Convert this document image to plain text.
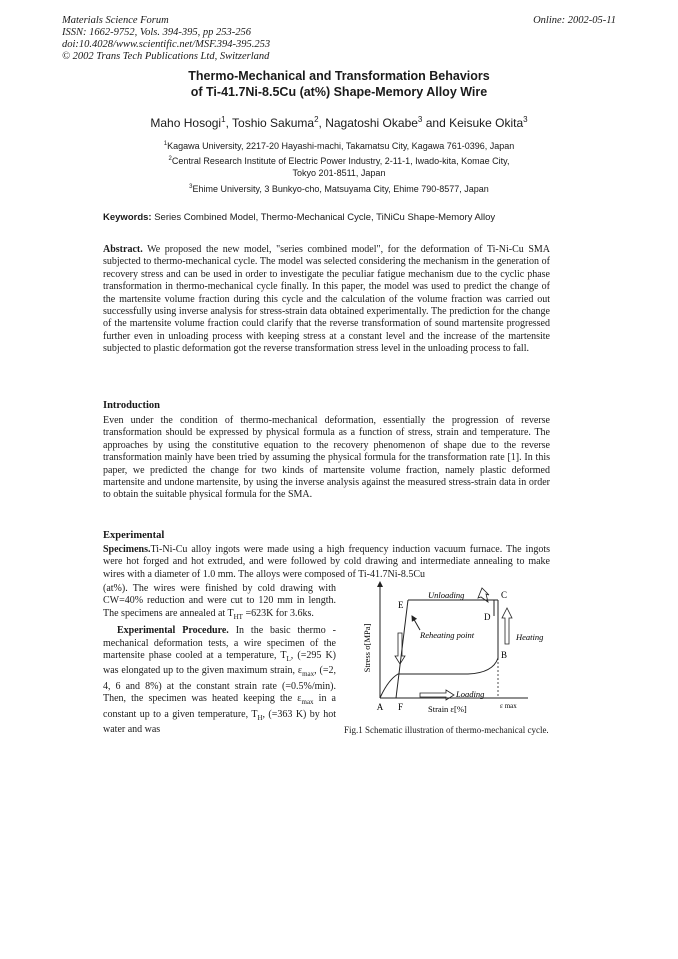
Materials Science Forum
ISSN: 1662-9752, Vols. 394-395, pp 253-256
doi:10.4028/www.scientific.net/MSF.394-395.253
© 2002 Trans Tech Publications Ltd, Switzerland
Online: 2002-05-11
Thermo-Mechanical and Transformation Behaviors
of Ti-41.7Ni-8.5Cu (at%) Shape-Memory Alloy Wire
Maho Hosogi$^1$, Toshio Sakuma$^2$, Nagatoshi Okabe$^3$ and Keisuke Okita$^3$
$^1$Kagawa University, 2217-20 Hayashi-machi, Takamatsu City, Kagawa 761-0396, Japan
$^2$Central Research Institute of Electric Power Industry, 2-11-1, Iwado-kita, Komae City,
Tokyo 201-8511, Japan
$^3$Ehime University, 3 Bunkyo-cho, Matsuyama City, Ehime 790-8577, Japan
Keywords: Series Combined Model, Thermo-Mechanical Cycle, TiNiCu Shape-Memory Alloy
Abstract. We proposed the new model, "series combined model", for the deformation of Ti-Ni-Cu SMA subjected to thermo-mechanical cycle. The model was selected considering the mechanism in the generation of recovery stress and can be used in order to investigate the peculiar fatigue mechanism due to the cyclic phase transformation in thermo-mechanical cycle finally. In this paper, the model was used to predict the change of the martensite volume fraction during this cycle and the calculation of the volume fraction was carried out successfully using inverse analysis for stress-strain data obtained experimentally. The prediction for the change of the martensite volume fraction could clarify that the reverse transformation of sound martensite progressed further even in unloading process with keeping stress at a constant level and the increase of the martensite subjected to plastic deformation got the reverse transformation stress level in the unloading process to fall.
Introduction
Even under the condition of thermo-mechanical deformation, essentially the progression of reverse transformation should be expressed by physical formula as a function of stress, strain and temperature. The approaches by using the constitutive equation to the recovery phenomenon of shape due to the reverse transformation mainly have been tried by assuming the physical formula for the transformation rate [1]. In this paper, we predicted the change for two kinds of martensite volume fraction, namely plastic deformed martensite and undone martensite, by using the inverse analysis against the measured stress-strain data in order to obtain the suitable physical formula for the SMA.
Experimental
Specimens.Ti-Ni-Cu alloy ingots were made using a high frequency induction vacuum furnace. The ingots were hot forged and hot extruded, and were followed by cold drawing and intermediate annealing to make wires with a diameter of 1.0 mm. The alloys were composed of Ti-41.7Ni-8.5Cu
(at%). The wires were finished by cold drawing with CW=40% reduction and were cut to 120 mm in length. The specimens are annealed at $T_{HT} =623K$ for 3.6ks.
Experimental Procedure. In the basic thermo -mechanical deformation tests, a wire specimen of the martensite phase cooled at a temperature, $T_L$, (=295 K) was elongated up to the given maximum strain, $\varepsilon_{max}$, (=2, 4, 6 and 8%) at the constant strain rate (=0.5%/min). Then, the specimen was heated keeping the $\varepsilon_{max}$ in a constant up to a given temperature, $T_H$, (=363 K) by hot water and was
A
B
C
D
E
F
Unloading
Loading
Heating
Reheating point
Strain ε[%]	ε max
Stress σ[MPa]
Fig.1 Schematic illustration of thermo-mechanical cycle.
